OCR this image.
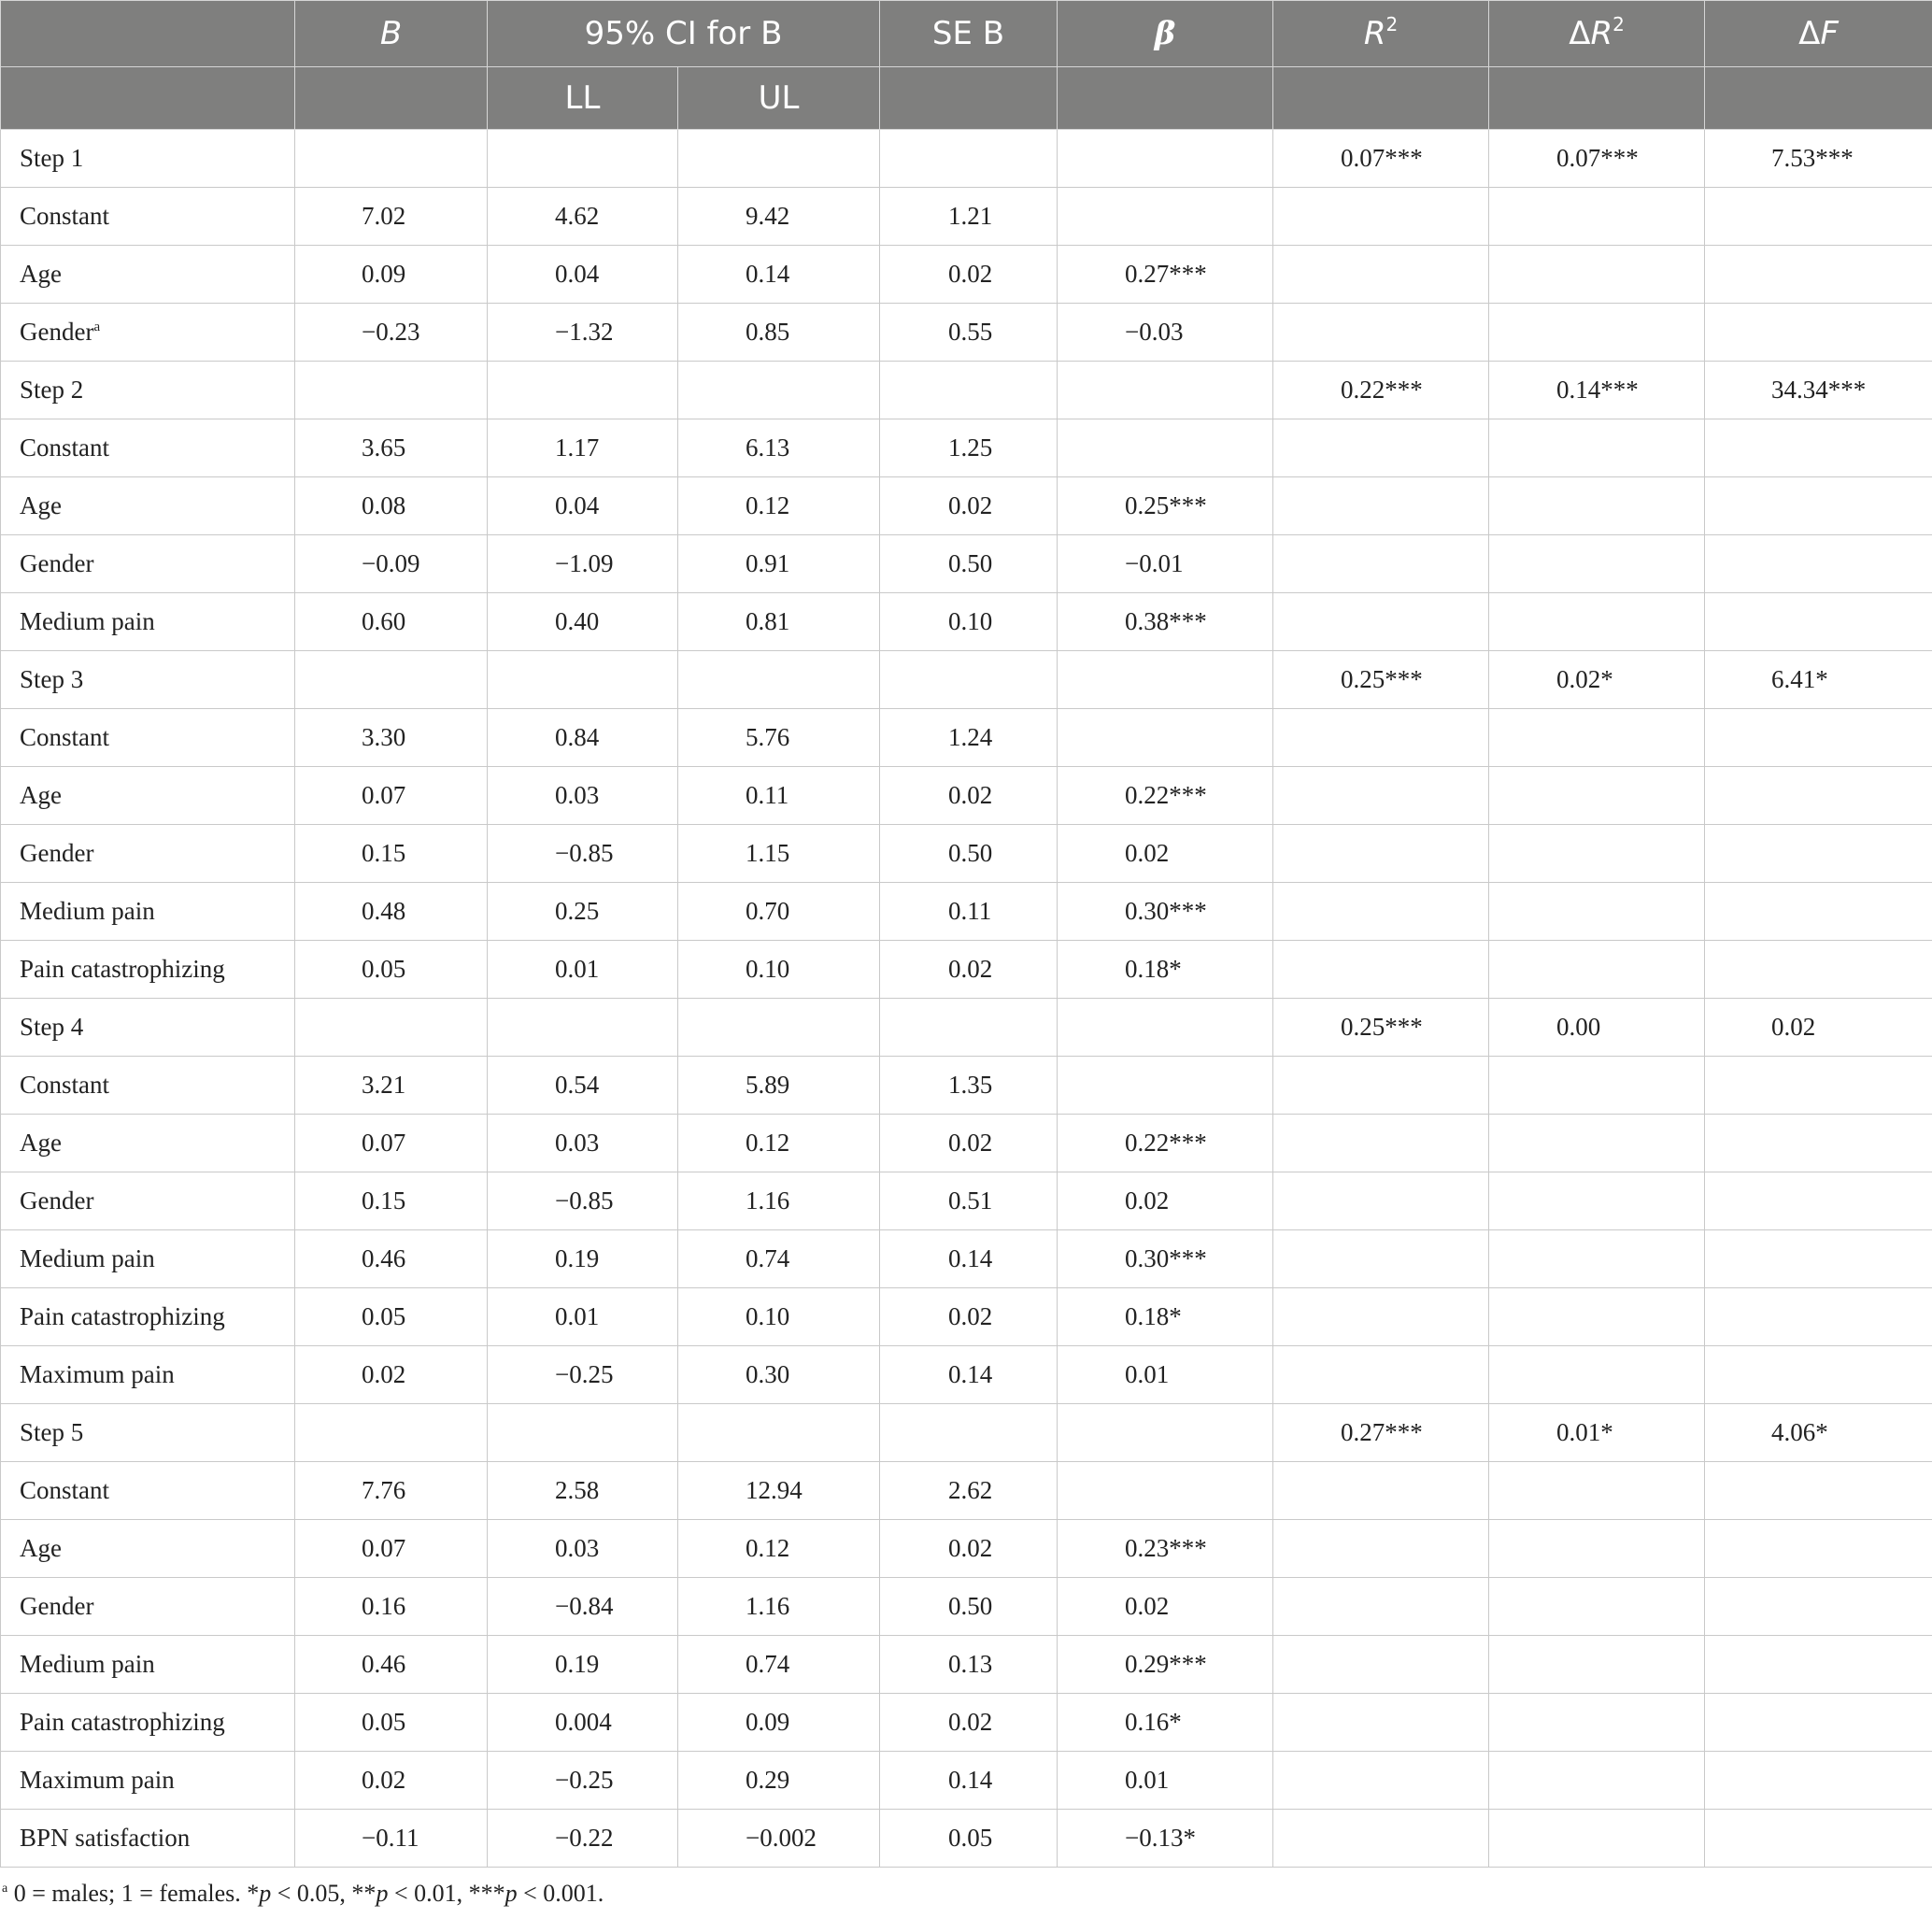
	B	95% CI for B		SE B	β	$R^2$	$\Delta R^2$	ΔF
		LL	UL					
Step 1						0.07***	0.07***	7.53***
Constant	7.02	4.62	9.42	1.21				
Age	0.09	0.04	0.14	0.02	0.27***			
Gender$^a$	−0.23	−1.32	0.85	0.55	−0.03			
Step 2						0.22***	0.14***	34.34***
Constant	3.65	1.17	6.13	1.25				
Age	0.08	0.04	0.12	0.02	0.25***			
Gender	−0.09	−1.09	0.91	0.50	−0.01			
Medium pain	0.60	0.40	0.81	0.10	0.38***			
Step 3						0.25***	0.02*	6.41*
Constant	3.30	0.84	5.76	1.24				
Age	0.07	0.03	0.11	0.02	0.22***			
Gender	0.15	−0.85	1.15	0.50	0.02			
Medium pain	0.48	0.25	0.70	0.11	0.30***			
Pain catastrophizing	0.05	0.01	0.10	0.02	0.18*			
Step 4						0.25***	0.00	0.02
Constant	3.21	0.54	5.89	1.35				
Age	0.07	0.03	0.12	0.02	0.22***			
Gender	0.15	−0.85	1.16	0.51	0.02			
Medium pain	0.46	0.19	0.74	0.14	0.30***			
Pain catastrophizing	0.05	0.01	0.10	0.02	0.18*			
Maximum pain	0.02	−0.25	0.30	0.14	0.01			
Step 5						0.27***	0.01*	4.06*
Constant	7.76	2.58	12.94	2.62				
Age	0.07	0.03	0.12	0.02	0.23***			
Gender	0.16	−0.84	1.16	0.50	0.02			
Medium pain	0.46	0.19	0.74	0.13	0.29***			
Pain catastrophizing	0.05	0.004	0.09	0.02	0.16*			
Maximum pain	0.02	−0.25	0.29	0.14	0.01			
BPN satisfaction	−0.11	−0.22	−0.002	0.05	−0.13*			
$^a$ 0 = males; 1 = females. *p < 0.05, **p < 0.01, ***p < 0.001.
